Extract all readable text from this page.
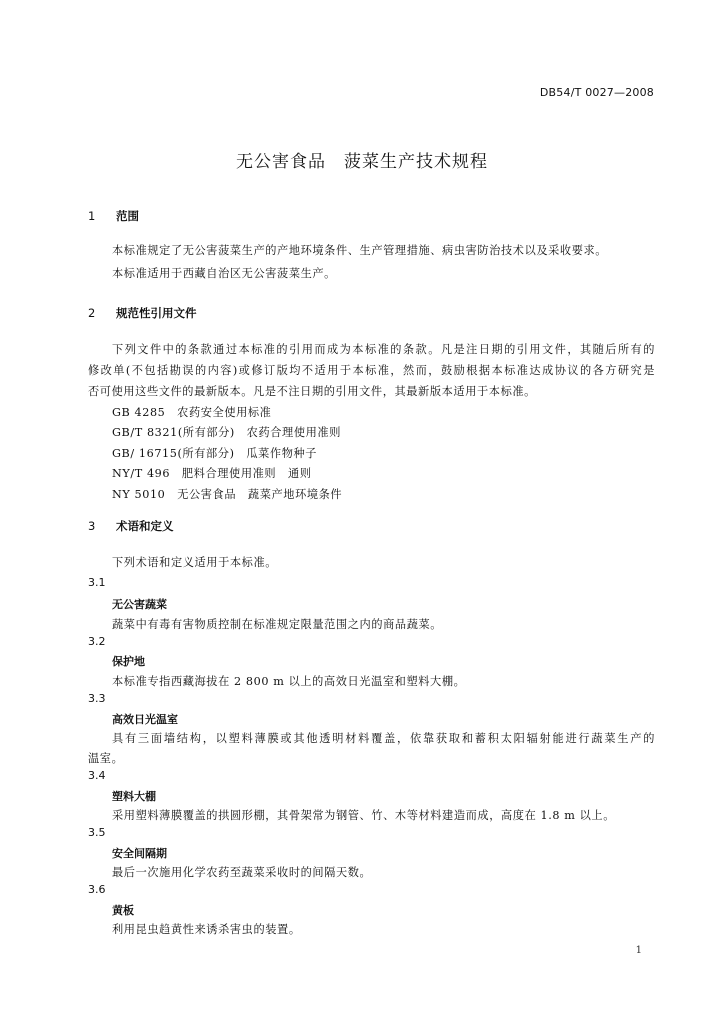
DB54/T 0027—2008
无公害食品　菠菜生产技术规程
1 范围
本标准规定了无公害菠菜生产的产地环境条件、生产管理措施、病虫害防治技术以及采收要求。
本标准适用于西藏自治区无公害菠菜生产。
2 规范性引用文件
下列文件中的条款通过本标准的引用而成为本标准的条款。凡是注日期的引用文件，其随后所有的
修改单(不包括勘误的内容)或修订版均不适用于本标准，然而，鼓励根据本标准达成协议的各方研究是
否可使用这些文件的最新版本。凡是不注日期的引用文件，其最新版本适用于本标准。
GB 4285　农药安全使用标准
GB/T 8321(所有部分)　农药合理使用准则
GB/ 16715(所有部分)　瓜菜作物种子
NY/T 496　肥料合理使用准则　通则
NY 5010　无公害食品　蔬菜产地环境条件
3 术语和定义
下列术语和定义适用于本标准。
3.1
无公害蔬菜
蔬菜中有毒有害物质控制在标准规定限量范围之内的商品蔬菜。
3.2
保护地
本标准专指西藏海拔在 2 800 m 以上的高效日光温室和塑料大棚。
3.3
高效日光温室
具有三面墙结构，以塑料薄膜或其他透明材料覆盖，依靠获取和蓄积太阳辐射能进行蔬菜生产的
温室。
3.4
塑料大棚
采用塑料薄膜覆盖的拱圆形棚，其骨架常为钢管、竹、木等材料建造而成，高度在 1.8 m 以上。
3.5
安全间隔期
最后一次施用化学农药至蔬菜采收时的间隔天数。
3.6
黄板
利用昆虫趋黄性来诱杀害虫的装置。
1
